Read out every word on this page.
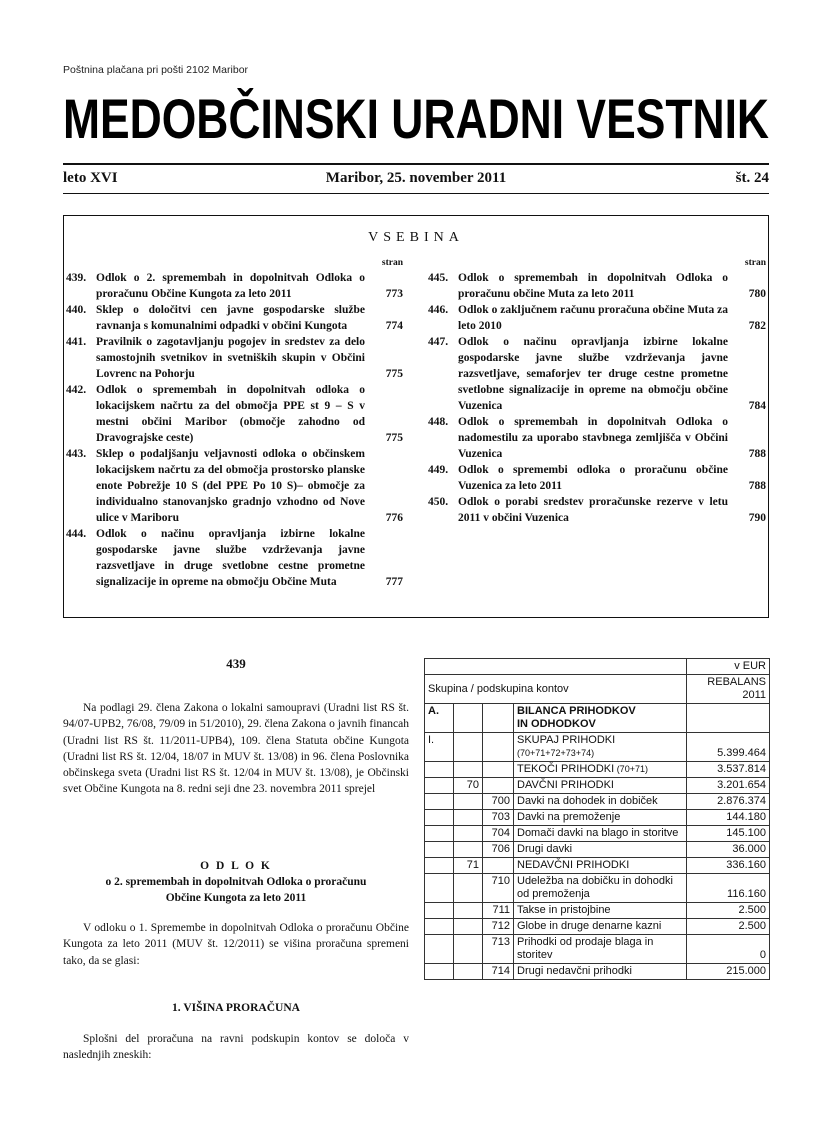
Poštnina plačana pri pošti 2102 Maribor
MEDOBČINSKI URADNI VESTNIK
leto XVI	Maribor, 25. november 2011	št. 24
VSEBINA
stran
439. Odlok o 2. spremembah in dopolnitvah Odloka o proračunu Občine Kungota za leto 2011	773
440. Sklep o določitvi cen javne gospodarske službe ravnanja s komunalnimi odpadki v občini Kungota	774
441. Pravilnik o zagotavljanju pogojev in sredstev za delo samostojnih svetnikov in svetniških skupin v Občini Lovrenc na Pohorju	775
442. Odlok o spremembah in dopolnitvah odloka o lokacijskem načrtu za del območja PPE st 9 – S v mestni občini Maribor (območje zahodno od Dravograjske ceste)	775
443. Sklep o podaljšanju veljavnosti odloka o občinskem lokacijskem načrtu za del območja prostorsko planske enote Pobrežje 10 S (del PPE Po 10 S)– območje za individualno stanovanjsko gradnjo vzhodno od Nove ulice v Mariboru	776
444. Odlok o načinu opravljanja izbirne lokalne gospodarske javne službe vzdrževanja javne razsvetljave in druge svetlobne cestne prometne signalizacije in opreme na območju Občine Muta	777
stran
445. Odlok o spremembah in dopolnitvah Odloka o proračunu občine Muta za leto 2011	780
446. Odlok o zaključnem računu proračuna občine Muta za leto 2010	782
447. Odlok o načinu opravljanja izbirne lokalne gospodarske javne službe vzdrževanja javne razsvetljave, semaforjev ter druge cestne prometne svetlobne signalizacije in opreme na območju občine Vuzenica	784
448. Odlok o spremembah in dopolnitvah Odloka o nadomestilu za uporabo stavbnega zemljišča v Občini Vuzenica	788
449. Odlok o spremembi odloka o proračunu občine Vuzenica za leto 2011	788
450. Odlok o porabi sredstev proračunske rezerve v letu 2011 v občini Vuzenica	790
439
Na podlagi 29. člena Zakona o lokalni samoupravi (Uradni list RS št. 94/07-UPB2, 76/08, 79/09 in 51/2010), 29. člena Zakona o javnih financah (Uradni list RS št. 11/2011-UPB4), 109. člena Statuta občine Kungota (Uradni list RS št. 12/04, 18/07 in MUV št. 13/08) in 96. člena Poslovnika občinskega sveta (Uradni list RS št. 12/04 in MUV št. 13/08), je Občinski svet Občine Kungota na 8. redni seji dne 23. novembra 2011 sprejel
O D L O K
o 2. spremembah in dopolnitvah Odloka o proračunu
Občine Kungota za leto 2011
V odloku o 1. Spremembe in dopolnitvah Odloka o proračunu Občine Kungota za leto 2011 (MUV št. 12/2011) se višina proračuna spremeni tako, da se glasi:
1. VIŠINA PRORAČUNA
Splošni del proračuna na ravni podskupin kontov se določa v naslednjih zneskih:
				v EUR
Skupina / podskupina kontov				REBALANS
2011

A.			BILANCA PRIHODKOV
IN ODHODKOV	
I.			SKUPAJ PRIHODKI (70+71+72+73+74)	5.399.464
			TEKOČI PRIHODKI (70+71)	3.537.814
	70		DAVČNI PRIHODKI	3.201.654
		700	Davki na dohodek in dobiček	2.876.374
		703	Davki na premoženje	144.180
		704	Domači davki na blago in storitve	145.100
		706	Drugi davki	36.000
	71		NEDAVČNI PRIHODKI	336.160
		710	Udeležba na dobičku in dohodki od premoženja	116.160
		711	Takse in pristojbine	2.500
		712	Globe in druge denarne kazni	2.500
		713	Prihodki od prodaje blaga in storitev	0
		714	Drugi nedavčni prihodki	215.000
